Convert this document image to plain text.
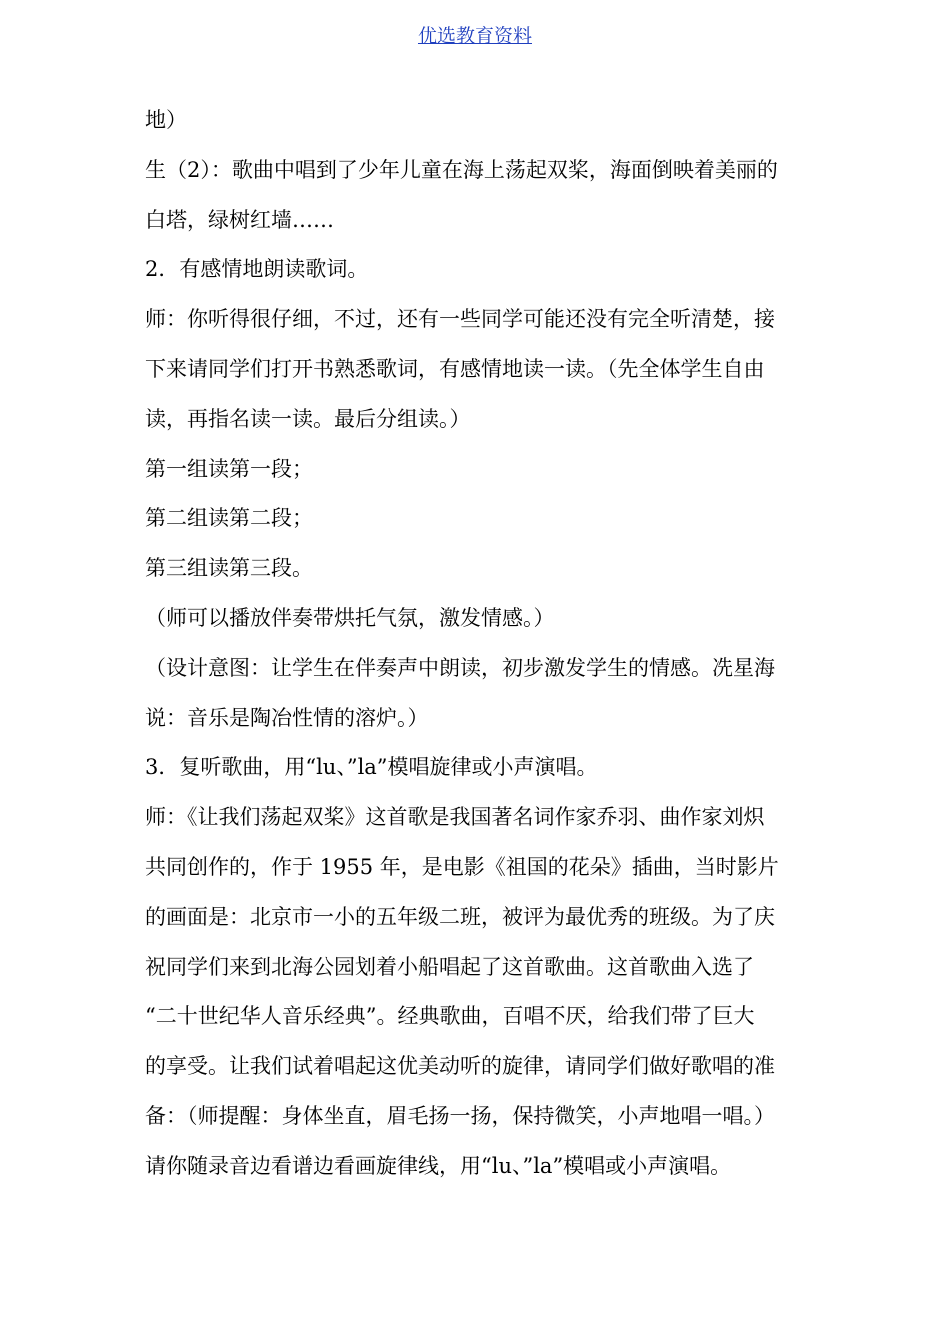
优选教育资料
地）
生（2）：歌曲中唱到了少年儿童在海上荡起双桨，海面倒映着美丽的
白塔，绿树红墙……
2．有感情地朗读歌词。
师：你听得很仔细，不过，还有一些同学可能还没有完全听清楚，接
下来请同学们打开书熟悉歌词，有感情地读一读。（先全体学生自由
读，再指名读一读。最后分组读。）
第一组读第一段；
第二组读第二段；
第三组读第三段。
（师可以播放伴奏带烘托气氛，激发情感。）
（设计意图：让学生在伴奏声中朗读，初步激发学生的情感。冼星海
说：音乐是陶冶性情的溶炉。）
3．复听歌曲，用“lu、”la”模唱旋律或小声演唱。
师：《让我们荡起双桨》这首歌是我国著名词作家乔羽、曲作家刘炽
共同创作的，作于 1955 年，是电影《祖国的花朵》插曲，当时影片
的画面是：北京市一小的五年级二班，被评为最优秀的班级。为了庆
祝同学们来到北海公园划着小船唱起了这首歌曲。这首歌曲入选了
“二十世纪华人音乐经典”。经典歌曲，百唱不厌，给我们带了巨大
的享受。让我们试着唱起这优美动听的旋律，请同学们做好歌唱的准
备：（师提醒：身体坐直，眉毛扬一扬，保持微笑，小声地唱一唱。）
请你随录音边看谱边看画旋律线，用“lu、”la”模唱或小声演唱。
